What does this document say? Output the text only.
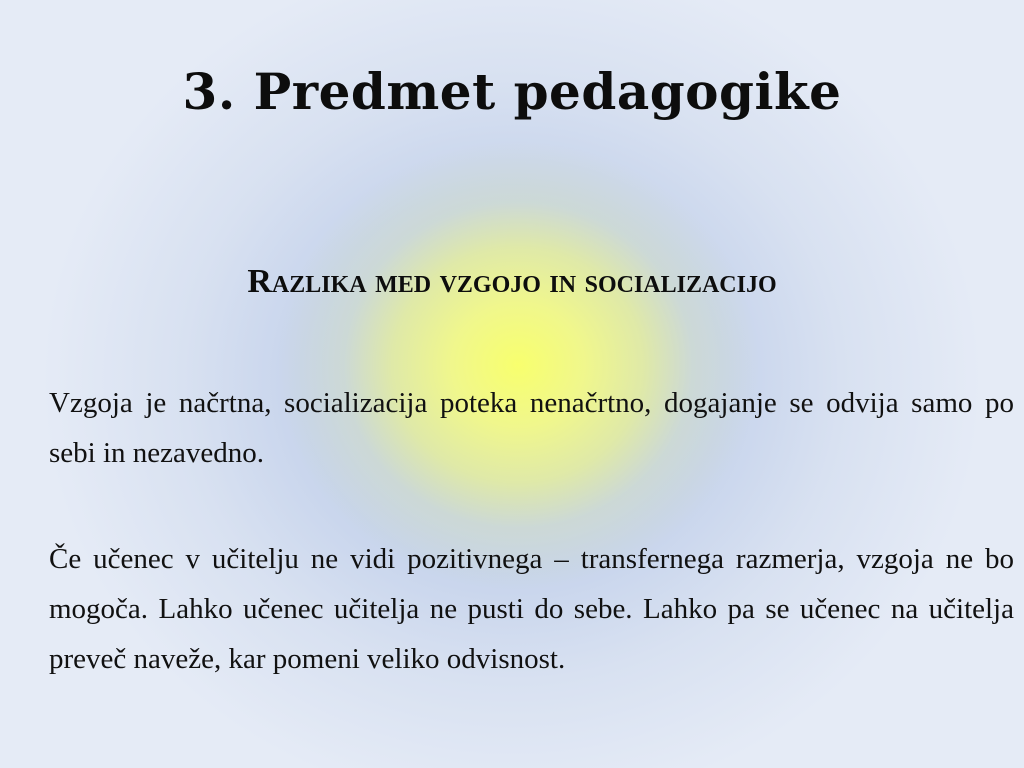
3. Predmet pedagogike
Razlika med vzgojo in socializacijo

Vzgoja je načrtna, socializacija poteka nenačrtno, dogajanje se odvija samo po sebi in nezavedno.

Če učenec v učitelju ne vidi pozitivnega – transfernega razmerja, vzgoja ne bo mogoča. Lahko učenec učitelja ne pusti do sebe. Lahko pa se učenec na učitelja preveč naveže, kar pomeni veliko odvisnost.
